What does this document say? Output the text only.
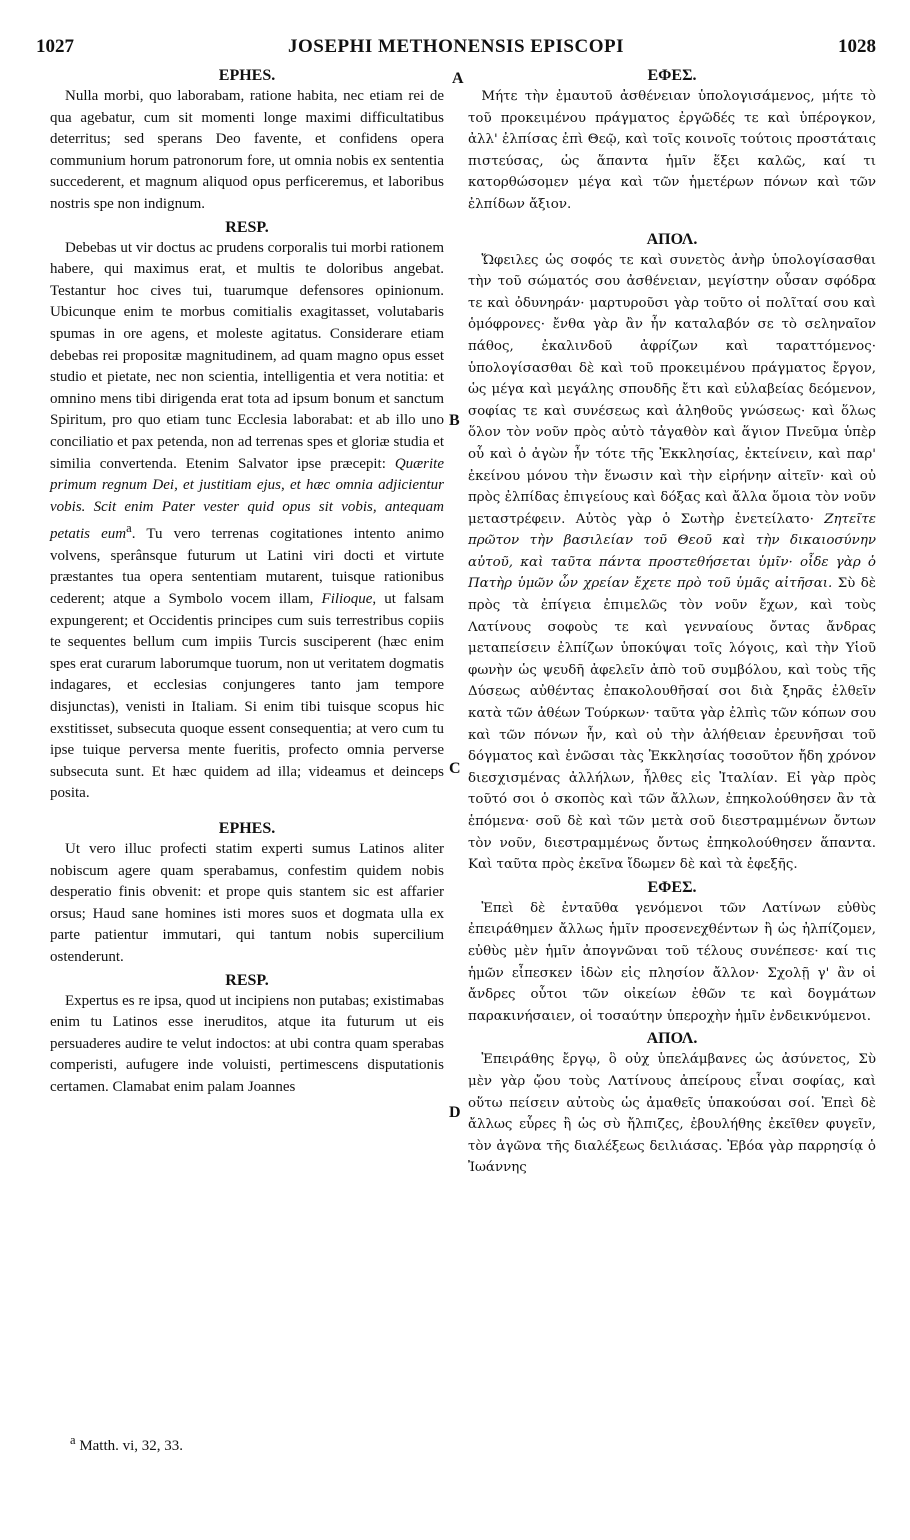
1027	JOSEPHI METHONENSIS EPISCOPI	1028
A
B
C
D
EPHES.

Nulla morbi, quo laborabam, ratione habita, nec etiam rei de qua agebatur, cum sit momenti longe maximi difficultatibus deterritus; sed sperans Deo favente, et confidens opera communium horum patronorum fore, ut omnia nobis ex sententia succederent, et magnum aliquod opus perficeremus, et laboribus nostris spe non indignum.

RESP.

Debebas ut vir doctus ac prudens corporalis tui morbi rationem habere, qui maximus erat, et multis te doloribus angebat. Testantur hoc cives tui, tuarumque defensores opinionum. Ubicunque enim te morbus comitialis exagitasset, volutabaris spumas in ore agens, et moleste agitatus. Considerare etiam debebas rei propositæ magnitudinem, ad quam magno opus esset studio et pietate, nec non scientia, intelligentia et vera notitia: et omnino mens tibi dirigenda erat tota ad ipsum bonum et sanctum Spiritum, pro quo etiam tunc Ecclesia laborabat: et ab illo uno conciliatio et pax petenda, non ad terrenas spes et gloriæ studia et similia convertenda. Etenim Salvator ipse præcepit: Quærite primum regnum Dei, et justitiam ejus, et hæc omnia adjicientur vobis. Scit enim Pater vester quid opus sit vobis, antequam petatis eum$^a$. Tu vero terrenas cogitationes intento animo volvens, sperânsque futurum ut Latini viri docti et virtute præstantes tua opera sententiam mutarent, tuisque rationibus cederent; atque a Symbolo vocem illam, Filioque, ut falsam expungerent; et Occidentis principes cum suis terrestribus copiis te sequentes bellum cum impiis Turcis susciperent (hæc enim spes erat curarum laborumque tuorum, non ut veritatem dogmatis indagares, et ecclesias conjungeres tanto jam tempore disjunctas), venisti in Italiam. Si enim tibi tuisque scopus hic exstitisset, subsecuta quoque essent consequentia; at vero cum tu ipse tuique perversa mente fueritis, profecto omnia perverse subsecuta sunt. Et hæc quidem ad illa; videamus et deinceps posita.

EPHES.

Ut vero illuc profecti statim experti sumus Latinos aliter nobiscum agere quam sperabamus, confestim quidem nobis desperatio finis obvenit: et prope quis stantem sic est affarier orsus; Haud sane homines isti mores suos et dogmata ulla ex parte patientur immutari, qui tantum nobis supercilium ostenderunt.

RESP.

Expertus es re ipsa, quod ut incipiens non putabas; existimabas enim tu Latinos esse ineruditos, atque ita futurum ut eis persuaderes audire te velut indoctos: at ubi contra quam sperabas comperisti, aufugere inde voluisti, pertimescens disputationis certamen. Clamabat enim palam Joannes

ΕΦΕΣ.

Μήτε τὴν ἐμαυτοῦ ἀσθένειαν ὑπολογισάμενος, μήτε τὸ τοῦ προκειμένου πράγματος ἐργῶδές τε καὶ ὑπέρογκον, ἀλλ' ἐλπίσας ἐπὶ Θεῷ, καὶ τοῖς κοινοῖς τούτοις προστάταις πιστεύσας, ὡς ἅπαντα ἡμῖν ἕξει καλῶς, καί τι κατορθώσομεν μέγα καὶ τῶν ἡμετέρων πόνων καὶ τῶν ἐλπίδων ἄξιον.

ΑΠΟΛ.

Ὤφειλες ὡς σοφός τε καὶ συνετὸς ἀνὴρ ὑπολογίσασθαι τὴν τοῦ σώματός σου ἀσθένειαν, μεγίστην οὖσαν σφόδρα τε καὶ ὀδυνηράν· μαρτυροῦσι γὰρ τοῦτο οἱ πολῖταί σου καὶ ὁμόφρονες· ἔνθα γὰρ ἂν ἦν καταλαβόν σε τὸ σεληναῖον πάθος, ἐκαλινδοῦ ἀφρίζων καὶ ταραττόμενος· ὑπολογίσασθαι δὲ καὶ τοῦ προκειμένου πράγματος ἔργον, ὡς μέγα καὶ μεγάλης σπουδῆς ἔτι καὶ εὐλαβείας δεόμενον, σοφίας τε καὶ συνέσεως καὶ ἀληθοῦς γνώσεως· καὶ ὅλως ὅλον τὸν νοῦν πρὸς αὐτὸ τἀγαθὸν καὶ ἅγιον Πνεῦμα ὑπὲρ οὗ καὶ ὁ ἀγὼν ἦν τότε τῆς Ἐκκλησίας, ἐκτείνειν, καὶ παρ' ἐκείνου μόνου τὴν ἕνωσιν καὶ τὴν εἰρήνην αἰτεῖν· καὶ οὐ πρὸς ἐλπίδας ἐπιγείους καὶ δόξας καὶ ἄλλα ὅμοια τὸν νοῦν μεταστρέφειν. Αὐτὸς γὰρ ὁ Σωτὴρ ἐνετείλατο· Ζητεῖτε πρῶτον τὴν βασιλείαν τοῦ Θεοῦ καὶ τὴν δικαιοσύνην αὐτοῦ, καὶ ταῦτα πάντα προστεθήσεται ὑμῖν· οἶδε γὰρ ὁ Πατὴρ ὑμῶν ὧν χρείαν ἔχετε πρὸ τοῦ ὑμᾶς αἰτῆσαι. Σὺ δὲ πρὸς τὰ ἐπίγεια ἐπιμελῶς τὸν νοῦν ἔχων, καὶ τοὺς Λατίνους σοφοὺς τε καὶ γενναίους ὄντας ἄνδρας μεταπείσειν ἐλπίζων ὑποκύψαι τοῖς λόγοις, καὶ τὴν Υἱοῦ φωνὴν ὡς ψευδῆ ἀφελεῖν ἀπὸ τοῦ συμβόλου, καὶ τοὺς τῆς Δύσεως αὐθέντας ἐπακολουθῆσαί σοι διὰ ξηρᾶς ἐλθεῖν κατὰ τῶν ἀθέων Τούρκων· ταῦτα γὰρ ἐλπὶς τῶν κόπων σου καὶ τῶν πόνων ἦν, καὶ οὐ τὴν ἀλήθειαν ἐρευνῆσαι τοῦ δόγματος καὶ ἑνῶσαι τὰς Ἐκκλησίας τοσοῦτον ἤδη χρόνον διεσχισμένας ἀλλήλων, ἦλθες εἰς Ἰταλίαν. Εἰ γὰρ πρὸς τοῦτό σοι ὁ σκοπὸς καὶ τῶν ἄλλων, ἐπηκολούθησεν ἂν τὰ ἑπόμενα· σοῦ δὲ καὶ τῶν μετὰ σοῦ διεστραμμένων ὄντων τὸν νοῦν, διεστραμμένως ὄντως ἐπηκολούθησεν ἅπαντα. Καὶ ταῦτα πρὸς ἐκεῖνα ἴδωμεν δὲ καὶ τὰ ἐφεξῆς.

ΕΦΕΣ.

Ἐπεὶ δὲ ἐνταῦθα γενόμενοι τῶν Λατίνων εὐθὺς ἐπειράθημεν ἄλλως ἡμῖν προσενεχθέντων ἢ ὡς ἠλπίζομεν, εὐθὺς μὲν ἡμῖν ἀπογνῶναι τοῦ τέλους συνέπεσε· καί τις ἡμῶν εἶπεσκεν ἰδὼν εἰς πλησίον ἄλλον· Σχολῇ γ' ἂν οἱ ἄνδρες οὗτοι τῶν οἰκείων ἐθῶν τε καὶ δογμάτων παρακινήσαιεν, οἱ τοσαύτην ὑπεροχὴν ἡμῖν ἐνδεικνύμενοι.

ΑΠΟΛ.

Ἐπειράθης ἔργῳ, ὃ οὐχ ὑπελάμβανες ὡς ἀσύνετος, Σὺ μὲν γὰρ ᾤου τοὺς Λατίνους ἀπείρους εἶναι σοφίας, καὶ οὕτω πείσειν αὐτοὺς ὡς ἀμαθεῖς ὑπακούσαι σοί. Ἐπεὶ δὲ ἄλλως εὗρες ἢ ὡς σὺ ἤλπιζες, ἐβουλήθης ἐκεῖθεν φυγεῖν, τὸν ἀγῶνα τῆς διαλέξεως δειλιάσας. Ἐβόα γὰρ παρρησίᾳ ὁ Ἰωάννης

$^a$ Matth. vi, 32, 33.
